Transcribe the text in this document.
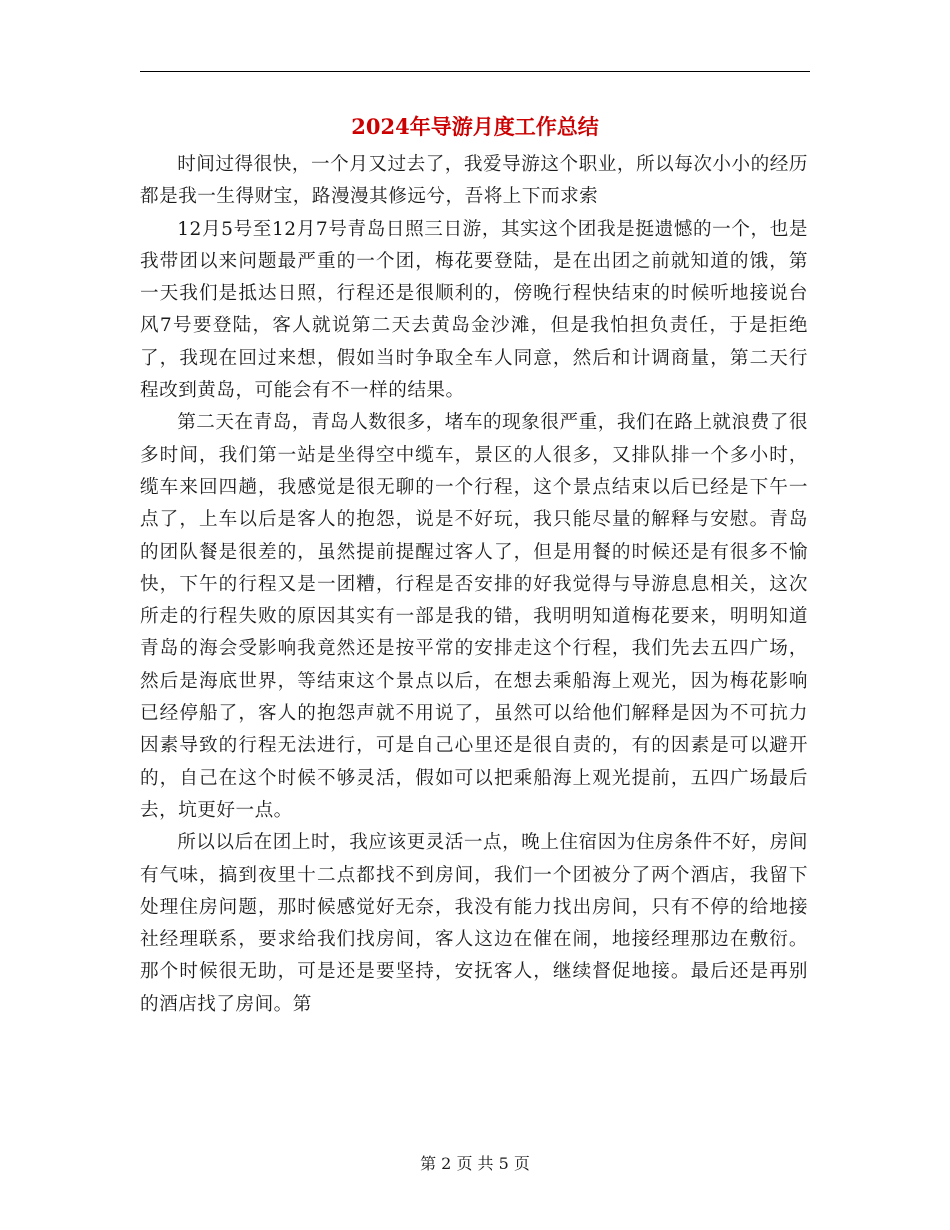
2024年导游月度工作总结

时间过得很快，一个月又过去了，我爱导游这个职业，所以每次小小的经历都是我一生得财宝，路漫漫其修远兮，吾将上下而求索

12月5号至12月7号青岛日照三日游，其实这个团我是挺遗憾的一个，也是我带团以来问题最严重的一个团，梅花要登陆，是在出团之前就知道的饿，第一天我们是抵达日照，行程还是很顺利的，傍晚行程快结束的时候听地接说台风7号要登陆，客人就说第二天去黄岛金沙滩，但是我怕担负责任，于是拒绝了，我现在回过来想，假如当时争取全车人同意，然后和计调商量，第二天行程改到黄岛，可能会有不一样的结果。

第二天在青岛，青岛人数很多，堵车的现象很严重，我们在路上就浪费了很多时间，我们第一站是坐得空中缆车，景区的人很多，又排队排一个多小时，缆车来回四趟，我感觉是很无聊的一个行程，这个景点结束以后已经是下午一点了，上车以后是客人的抱怨，说是不好玩，我只能尽量的解释与安慰。青岛的团队餐是很差的，虽然提前提醒过客人了，但是用餐的时候还是有很多不愉快，下午的行程又是一团糟，行程是否安排的好我觉得与导游息息相关，这次所走的行程失败的原因其实有一部是我的错，我明明知道梅花要来，明明知道青岛的海会受影响我竟然还是按平常的安排走这个行程，我们先去五四广场，然后是海底世界，等结束这个景点以后，在想去乘船海上观光，因为梅花影响已经停船了，客人的抱怨声就不用说了，虽然可以给他们解释是因为不可抗力因素导致的行程无法进行，可是自己心里还是很自责的，有的因素是可以避开的，自己在这个时候不够灵活，假如可以把乘船海上观光提前，五四广场最后去，坑更好一点。

所以以后在团上时，我应该更灵活一点，晚上住宿因为住房条件不好，房间有气味，搞到夜里十二点都找不到房间，我们一个团被分了两个酒店，我留下处理住房问题，那时候感觉好无奈，我没有能力找出房间，只有不停的给地接社经理联系，要求给我们找房间，客人这边在催在闹，地接经理那边在敷衍。那个时候很无助，可是还是要坚持，安抚客人，继续督促地接。最后还是再别的酒店找了房间。第

第 2 页 共 5 页
